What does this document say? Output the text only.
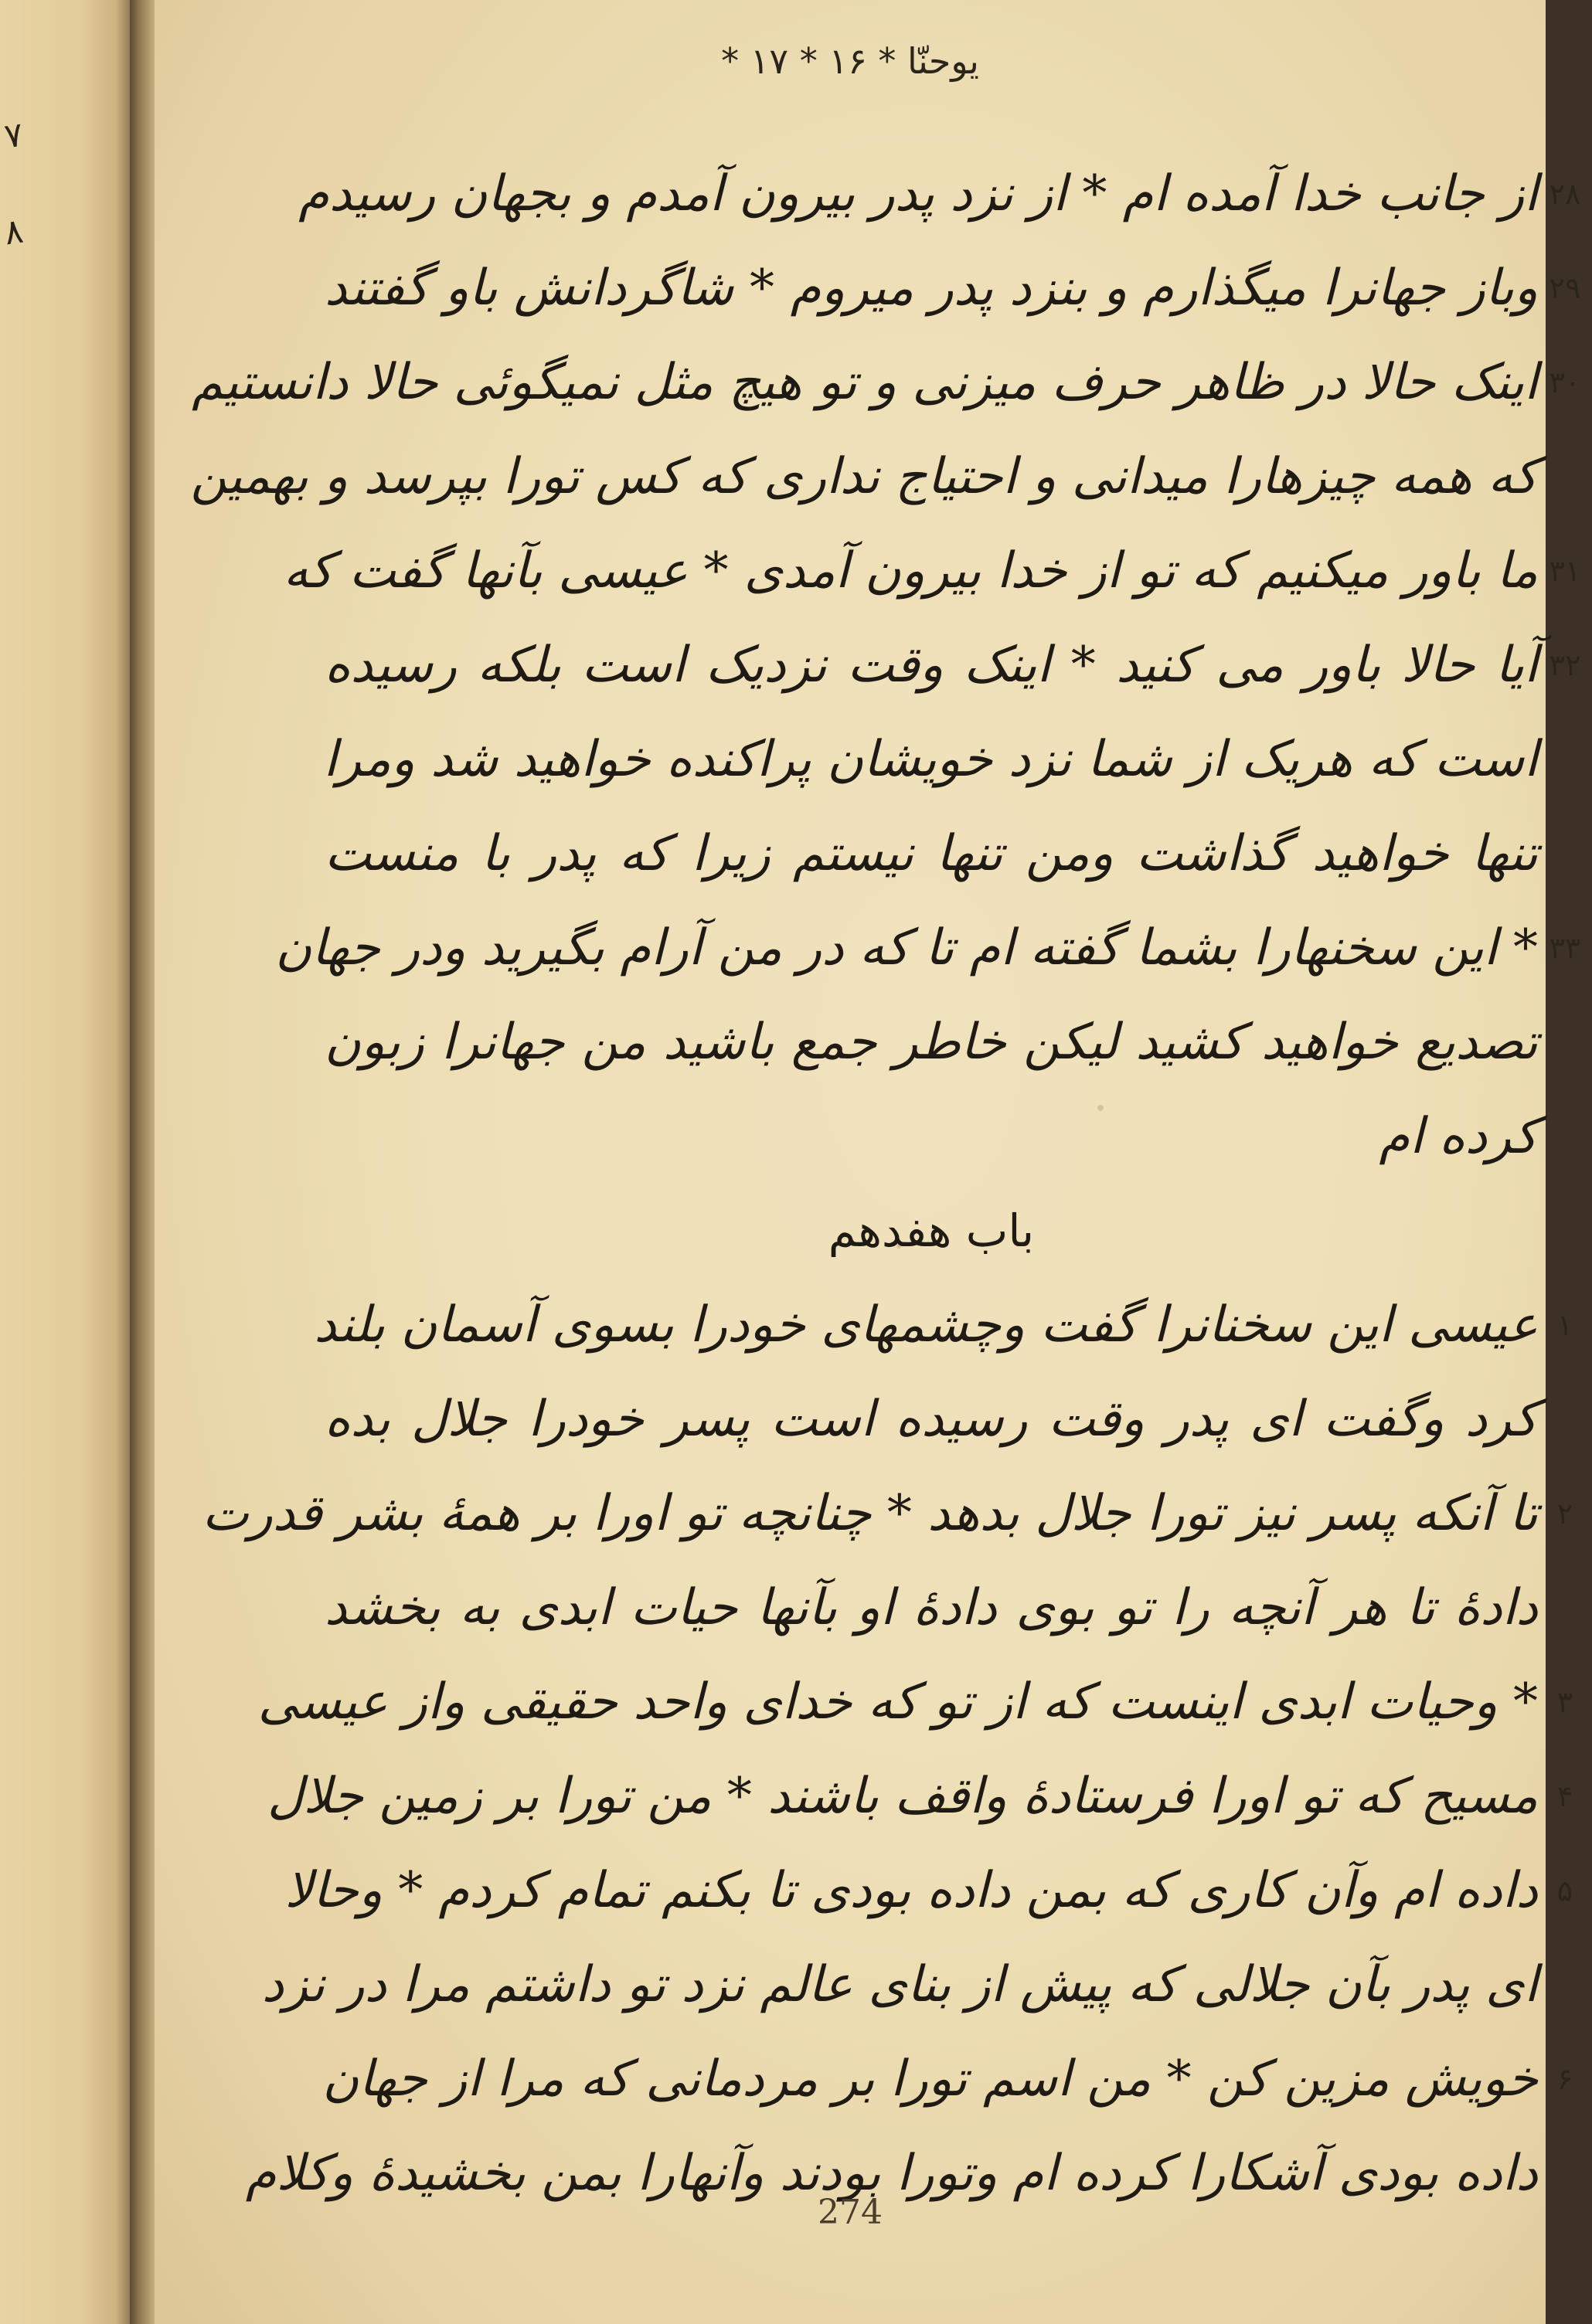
۷
۸
یوحنّا * ١۶ * ١٧ *
٢٨
از جانب خدا آمده ام * از نزد پدر بیرون آمدم و بجهان رسیدم
٢٩
وباز جهانرا میگذارم و بنزد پدر میروم * شاگردانش باو گفتند
٣٠
اینک حالا در ظاهر حرف میزنی و تو هیچ مثل نمیگوئی حالا دانستیم
که همه چیزهارا میدانی و احتیاج نداری که کس تورا بپرسد و بهمین
٣١
ما باور میکنیم که تو از خدا بیرون آمدی * عیسی بآنها گفت که
٣٢
آیا حالا باور می کنید * اینک وقت نزدیک است بلکه رسیده
است که هریک از شما نزد خویشان پراکنده خواهید شد ومرا
تنها خواهید گذاشت ومن تنها نیستم زیرا که پدر با منست
٣٣
* این سخنهارا بشما گفته ام تا که در من آرام بگیرید ودر جهان
تصدیع خواهید کشید لیکن خاطر جمع باشید من جهانرا زبون
کرده ام
باب هفدهم
١
عیسی این سخنانرا گفت وچشمهای خودرا بسوی آسمان بلند
کرد وگفت ای پدر وقت رسیده است پسر خودرا جلال بده
٢
تا آنکه پسر نیز تورا جلال بدهد * چنانچه تو اورا بر همهٔ بشر قدرت
دادهٔ تا هر آنچه را تو بوی دادهٔ او بآنها حیات ابدی به بخشد
٣
* وحیات ابدی اینست که از تو که خدای واحد حقیقی واز عیسی
۴
مسیح که تو اورا فرستادهٔ واقف باشند * من تورا بر زمین جلال
۵
داده ام وآن کاری که بمن داده بودی تا بکنم تمام کردم * وحالا
ای پدر بآن جلالی که پیش از بنای عالم نزد تو داشتم مرا در نزد
۶
خویش مزین کن * من اسم تورا بر مردمانی که مرا از جهان
داده بودی آشکارا کرده ام وتورا بودند وآنهارا بمن بخشیدهٔ وکلام
274
